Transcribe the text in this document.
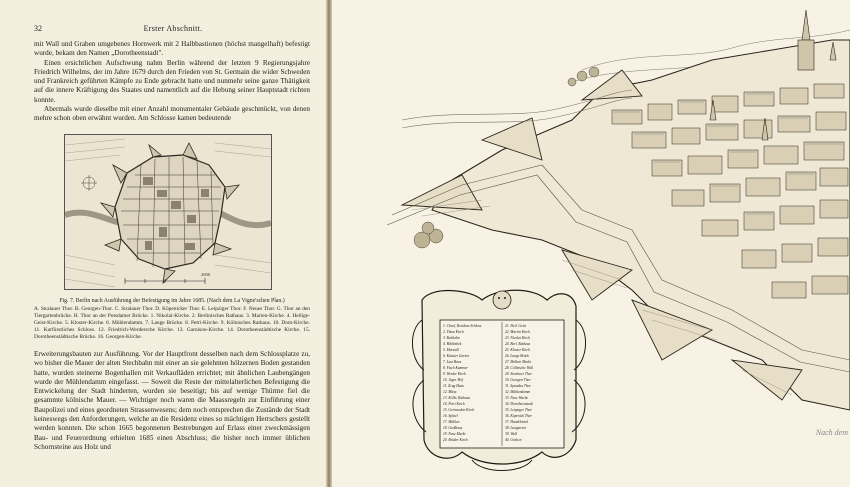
32	Erster Abschnitt.

mit Wall und Graben umgebenes Hornwerk mit 2 Halbbastionen (höchst mangelhaft) befestigt wurde, bekam den Namen „Dorotheenstadt".

Einen ersichtlichen Aufschwung nahm Berlin während der letzten 9 Regierungsjahre Friedrich Wilhelms, der im Jahre 1679 durch den Frieden von St. Germain die wider Schweden und Frankreich geführten Kämpfe zu Ende gebracht hatte und nunmehr seine ganze Thätigkeit auf die innere Kräftigung des Staates und namentlich auf die Hebung seiner Hauptstadt richten konnte.

Abermals wurde dieselbe mit einer Anzahl monumentaler Gebäude geschmückt, von denen mehre schon oben erwähnt wurden. Am Schlosse kamen bedeutende

2000
Fig. 7. Berlin nach Ausführung der Befestigung im Jahre 1685. (Nach dem La Vigne'schen Plan.)
A. Stralauer Thor. B. Georgen-Thor. C. Stralauer Thor. D. Köpenicker Thor. E. Leipziger Thor. F. Neues Thor. G. Thor an den Tiergartenbrücke. H. Thor an der Potsdamer Brücke. 1. Nikolai-Kirche. 2. Berlinisches Rathaus. 3. Marien-Kirche. 4. Heilige-Geist-Kirche. 5. Kloster-Kirche. 6. Mühlendamm. 7. Lange Brücke. 8. Petri-Kirche. 9. Kölnisches Rathaus. 10. Dom-Kirche. 11. Kurfürstliches Schloss. 12. Friedrich-Werdersche Kirche. 13. Garnison-Kirche. 14. Dorotheenstädtische Kirche. 15. Dorotheenstädtische Brücke. 16. Georgen-Kirche.

Erweiterungsbauten zur Ausführung. Vor der Hauptfront desselben nach dem Schlossplatze zu, wo bisher die Mauer der alten Stechbahn mit einer an sie gelehnten hölzernen Boden gestanden hatte, wurden steinerne Bogenhallen mit Verkaufläden errichtet; mit ähnlichen Laubengängen wurde der Mühlendamm eingefasst. — Soweit die Reste der mittelalterlichen Befestigung die Entwickelung der Stadt hinderten, wurden sie beseitigt; bis auf wenige Thürme fiel die gesammte kölnische Mauer. — Wichtiger noch waren die Maassregeln zur Einführung einer Baupolizei und eines geordneten Strassenwesens; dem noch entsprechen die Zustände der Stadt keineswegs den Anforderungen, welche an die Residenz eines so mächtigen Herrschers gestellt werden konnten. Die schon 1665 begonnenen Bestrebungen auf Erlass einer zweckmässigen Bau- und Feuerordnung erhielten 1685 einen Abschluss; die bisher noch immer üblichen Schornsteine aus Holz und

1. Churf. Residenz Schloss
2. Thum Kirch
3. Reithahn
4. Bibliothek
5. Marstall
6. Kräuter Garten
7. Lust Haus
8. Fisch Kammer
9. Werder Kirch
10. Jäger Hof
11. Zeug Haus
12. Münz
13. Kölln. Rathaus
14. Petri Kirch
15. Gertrauden Kirch
16. Spittel
17. Mühlen
18. Gießhaus
19. Neue Markt
20. Brüder Kirch
21. Heil. Geist
22. Marien Kirch
23. Nicolai Kirch
24. Berl. Rathaus
25. Kloster Kirch
26. Lange Brück
27. Molken Markt
28. Cöllnische Wall
29. Stralauer Thor
30. Georgen Thor
31. Spandau Thor
32. Mühlendamm
33. Neue Wache
34. Dorotheenstadt
35. Leipziger Thor
36. Köpenick Thor
37. Hundebrück
38. Lustgarten
39. Wall
40. Graben
Nach dem
